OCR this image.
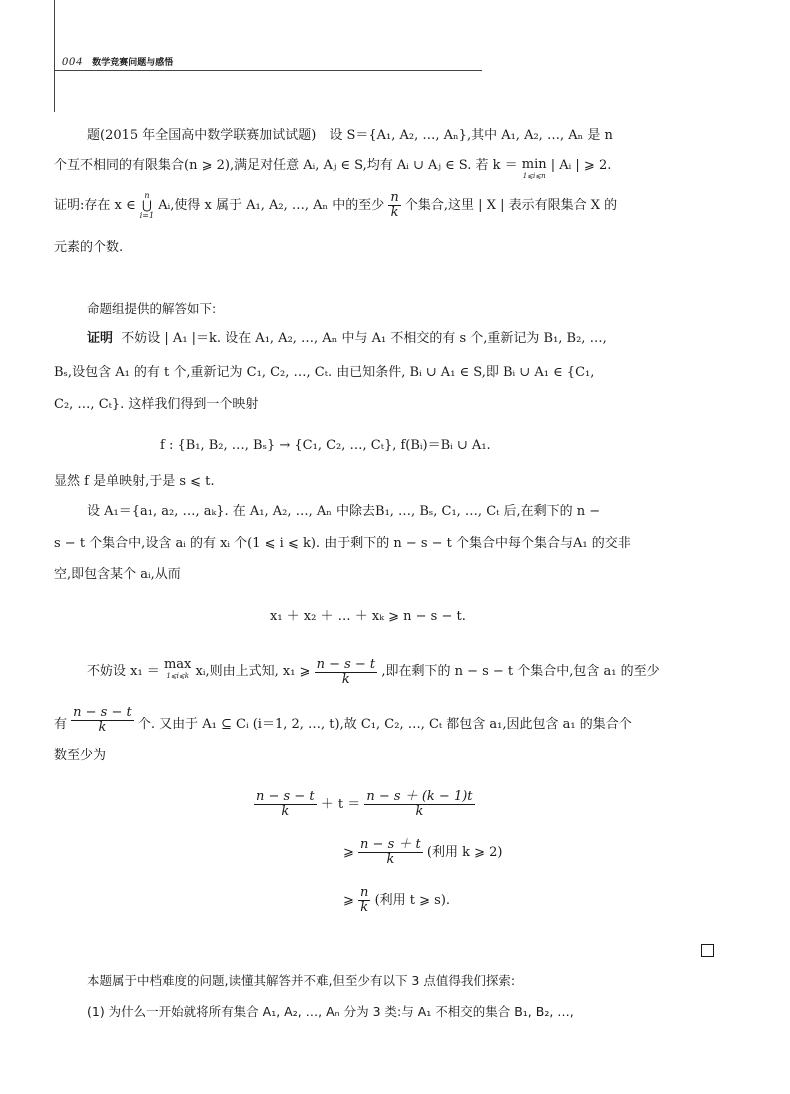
004 数学竞赛问题与感悟
题(2015 年全国高中数学联赛加试试题)　设 S＝{A₁, A₂, …, Aₙ},其中 A₁, A₂, …, Aₙ 是 n
个互不相同的有限集合(n ⩾ 2),满足对任意 Aᵢ, Aⱼ ∈ S,均有 Aᵢ ∪ Aⱼ ∈ S. 若 k ＝ min
1⩽i⩽n
| Aᵢ | ⩾ 2.
证明:存在 x ∈
n
⋃
i=1
Aᵢ,使得 x 属于 A₁, A₂, …, Aₙ 中的至少 $\frac{n}{k}$ 个集合,这里 | X | 表示有限集合 X 的
元素的个数.
命题组提供的解答如下:
证明 不妨设 | A₁ |＝k. 设在 A₁, A₂, …, Aₙ 中与 A₁ 不相交的有 s 个,重新记为 B₁, B₂, …,
Bₛ,设包含 A₁ 的有 t 个,重新记为 C₁, C₂, …, Cₜ. 由已知条件, Bᵢ ∪ A₁ ∈ S,即 Bᵢ ∪ A₁ ∈ {C₁,
C₂, …, Cₜ}. 这样我们得到一个映射
f : {B₁, B₂, …, Bₛ} → {C₁, C₂, …, Cₜ}, f(Bᵢ)＝Bᵢ ∪ A₁.
显然 f 是单映射,于是 s ⩽ t.
设 A₁＝{a₁, a₂, …, aₖ}. 在 A₁, A₂, …, Aₙ 中除去B₁, …, Bₛ, C₁, …, Cₜ 后,在剩下的 n −
s − t 个集合中,设含 aᵢ 的有 xᵢ 个(1 ⩽ i ⩽ k). 由于剩下的 n − s − t 个集合中每个集合与A₁ 的交非
空,即包含某个 aᵢ,从而
x₁ ＋ x₂ ＋ … ＋ xₖ ⩾ n − s − t.
不妨设 x₁ ＝ max
1⩽i⩽k xᵢ,则由上式知, x₁ ⩾ $\frac{n - s - t}{k}$ ,即在剩下的 n − s − t 个集合中,包含 a₁ 的至少
有 $\frac{n - s - t}{k}$ 个. 又由于 A₁ ⊆ Cᵢ (i＝1, 2, …, t),故 C₁, C₂, …, Cₜ 都包含 a₁,因此包含 a₁ 的集合个
数至少为
$\frac{n - s - t}{k} + t = \frac{n - s + (k - 1)t}{k}$
⩾ $\frac{n - s + t}{k}$ (利用 k ⩾ 2)
⩾ $\frac{n}{k}$ (利用 t ⩾ s).
本题属于中档难度的问题,读懂其解答并不难,但至少有以下 3 点值得我们探索:
(1) 为什么一开始就将所有集合 A₁, A₂, …, Aₙ 分为 3 类:与 A₁ 不相交的集合 B₁, B₂, …,
